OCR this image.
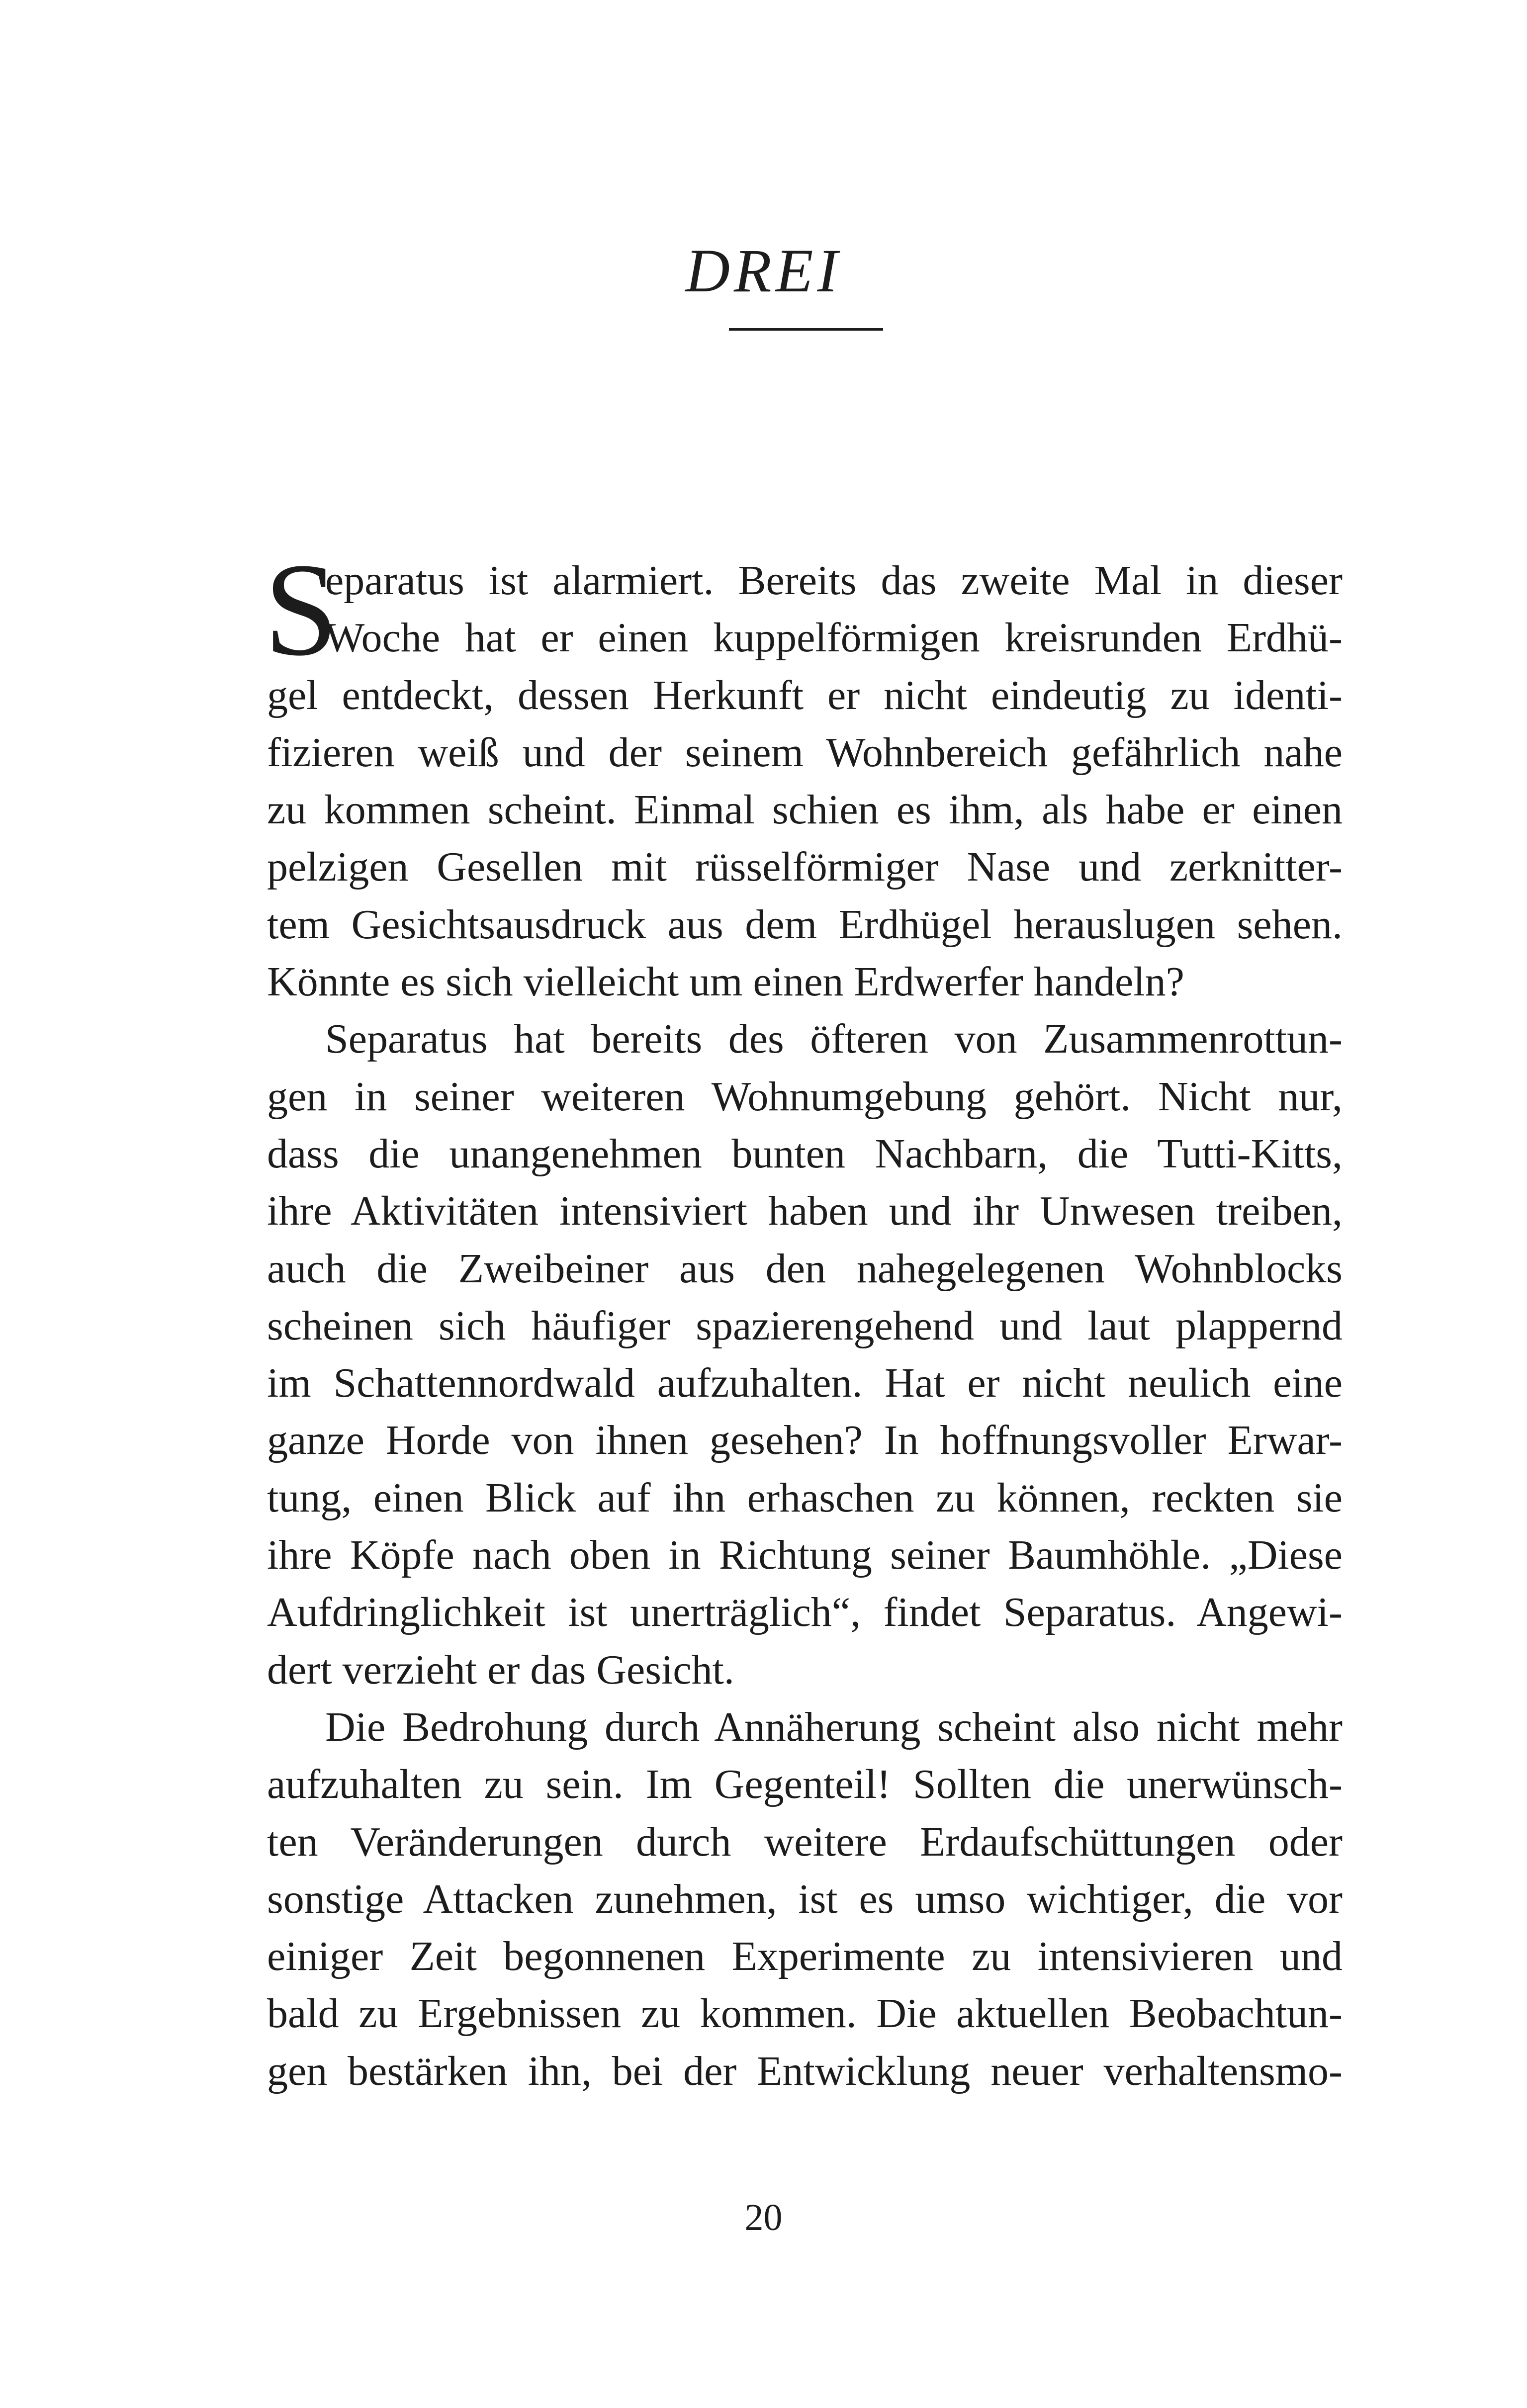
DREI
S
eparatus ist alarmiert. Bereits das zweite Mal in dieser
Woche hat er einen kuppelförmigen kreisrunden Erdhü-
gel entdeckt, dessen Herkunft er nicht eindeutig zu identi-
fizieren weiß und der seinem Wohnbereich gefährlich nahe
zu kommen scheint. Einmal schien es ihm, als habe er einen
pelzigen Gesellen mit rüsselförmiger Nase und zerknitter-
tem Gesichtsausdruck aus dem Erdhügel herauslugen sehen.
Könnte es sich vielleicht um einen Erdwerfer handeln?
Separatus hat bereits des öfteren von Zusammenrottun-
gen in seiner weiteren Wohnumgebung gehört. Nicht nur,
dass die unangenehmen bunten Nachbarn, die Tutti-Kitts,
ihre Aktivitäten intensiviert haben und ihr Unwesen treiben,
auch die Zweibeiner aus den nahegelegenen Wohnblocks
scheinen sich häufiger spazierengehend und laut plappernd
im Schattennordwald aufzuhalten. Hat er nicht neulich eine
ganze Horde von ihnen gesehen? In hoffnungsvoller Erwar-
tung, einen Blick auf ihn erhaschen zu können, reckten sie
ihre Köpfe nach oben in Richtung seiner Baumhöhle. „Diese
Aufdringlichkeit ist unerträglich“, findet Separatus. Angewi-
dert verzieht er das Gesicht.
Die Bedrohung durch Annäherung scheint also nicht mehr
aufzuhalten zu sein. Im Gegenteil! Sollten die unerwünsch-
ten Veränderungen durch weitere Erdaufschüttungen oder
sonstige Attacken zunehmen, ist es umso wichtiger, die vor
einiger Zeit begonnenen Experimente zu intensivieren und
bald zu Ergebnissen zu kommen. Die aktuellen Beobachtun-
gen bestärken ihn, bei der Entwicklung neuer verhaltensmo-
20
